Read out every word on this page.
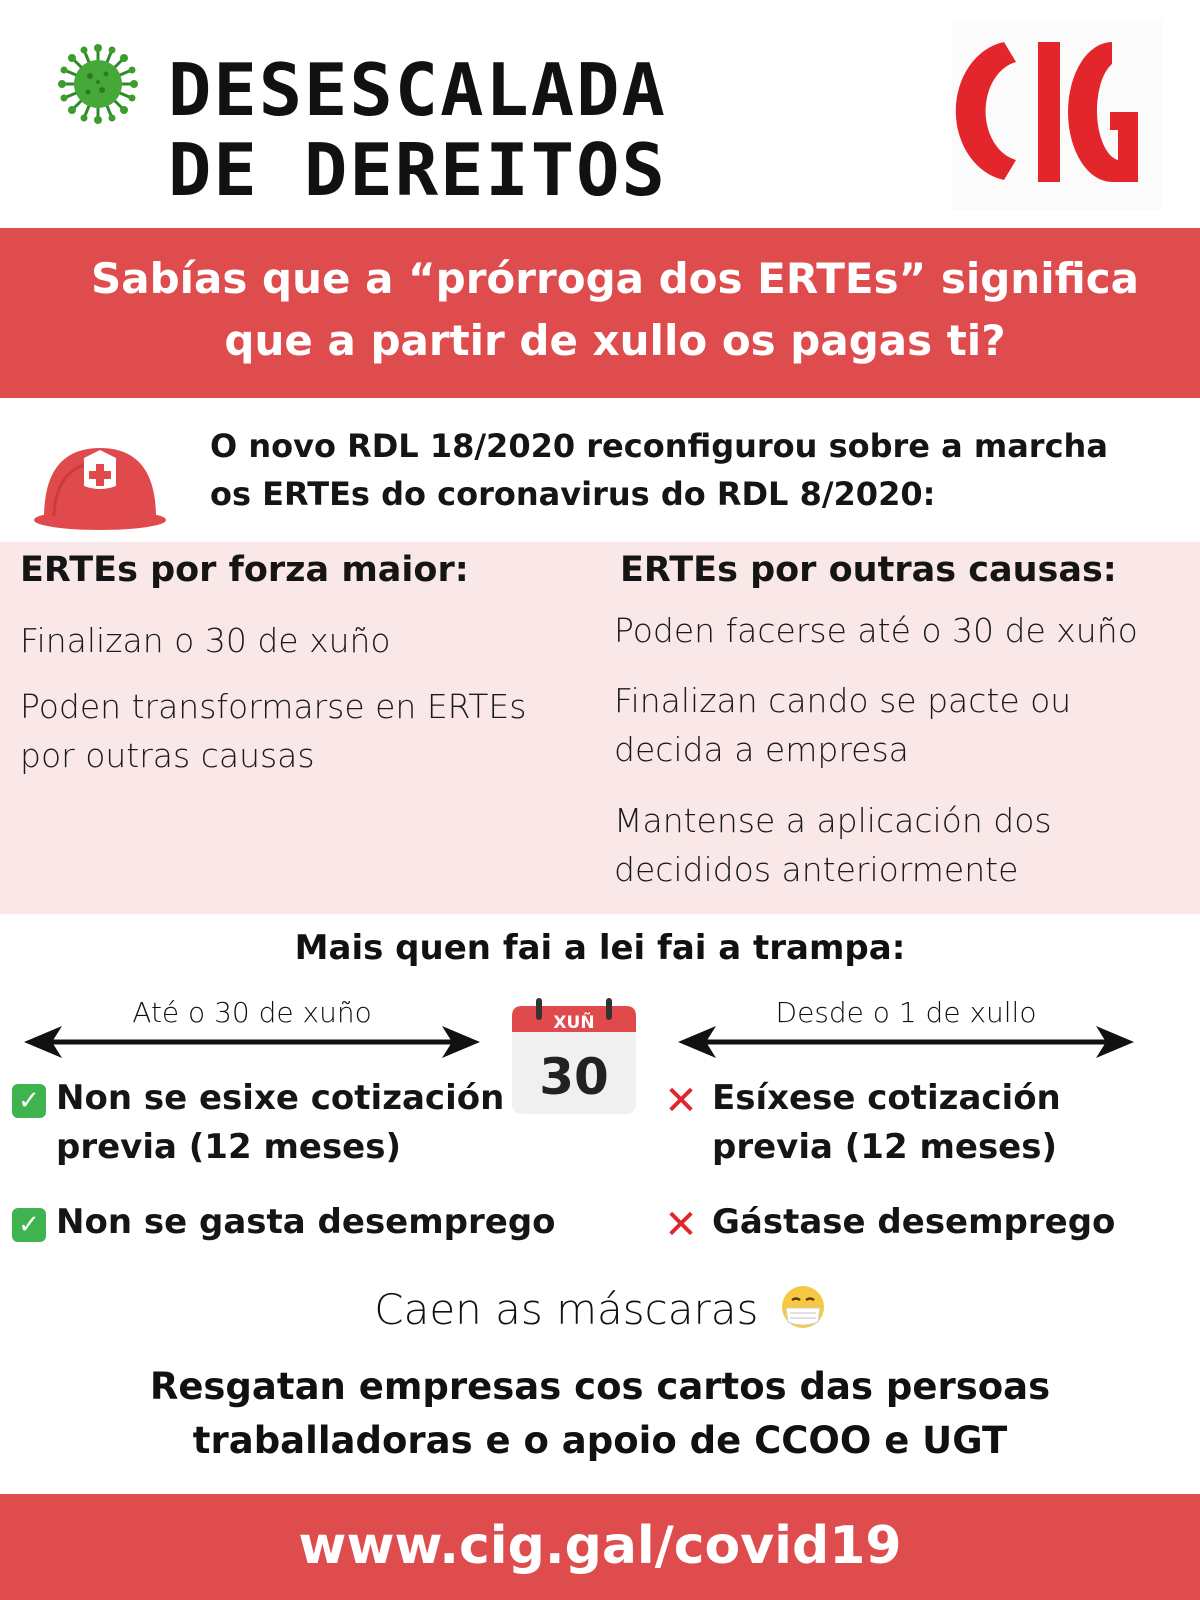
DESESCALADA
DE DEREITOS
Sabías que a “prórroga dos ERTEs” significa
que a partir de xullo os pagas ti?
O novo RDL 18/2020 reconfigurou sobre a marcha
os ERTEs do coronavirus do RDL 8/2020:
ERTEs por forza maior:
Finalizan o 30 de xuño
Poden transformarse en ERTEs por outras causas
ERTEs por outras causas:
Poden facerse até o 30 de xuño
Finalizan cando se pacte ou decida a empresa
Mantense a aplicación dos decididos anteriormente
Mais quen fai a lei fai a trampa:
Até o 30 de xuño	Desde o 1 de xullo
XUÑ
30
✓ Non se esixe cotización previa (12 meses)
✓ Non se gasta desemprego
✕ Esíxese cotización previa (12 meses)
✕ Gástase desemprego
Caen as máscaras
Resgatan empresas cos cartos das persoas
traballadoras e o apoio de CCOO e UGT
www.cig.gal/covid19
